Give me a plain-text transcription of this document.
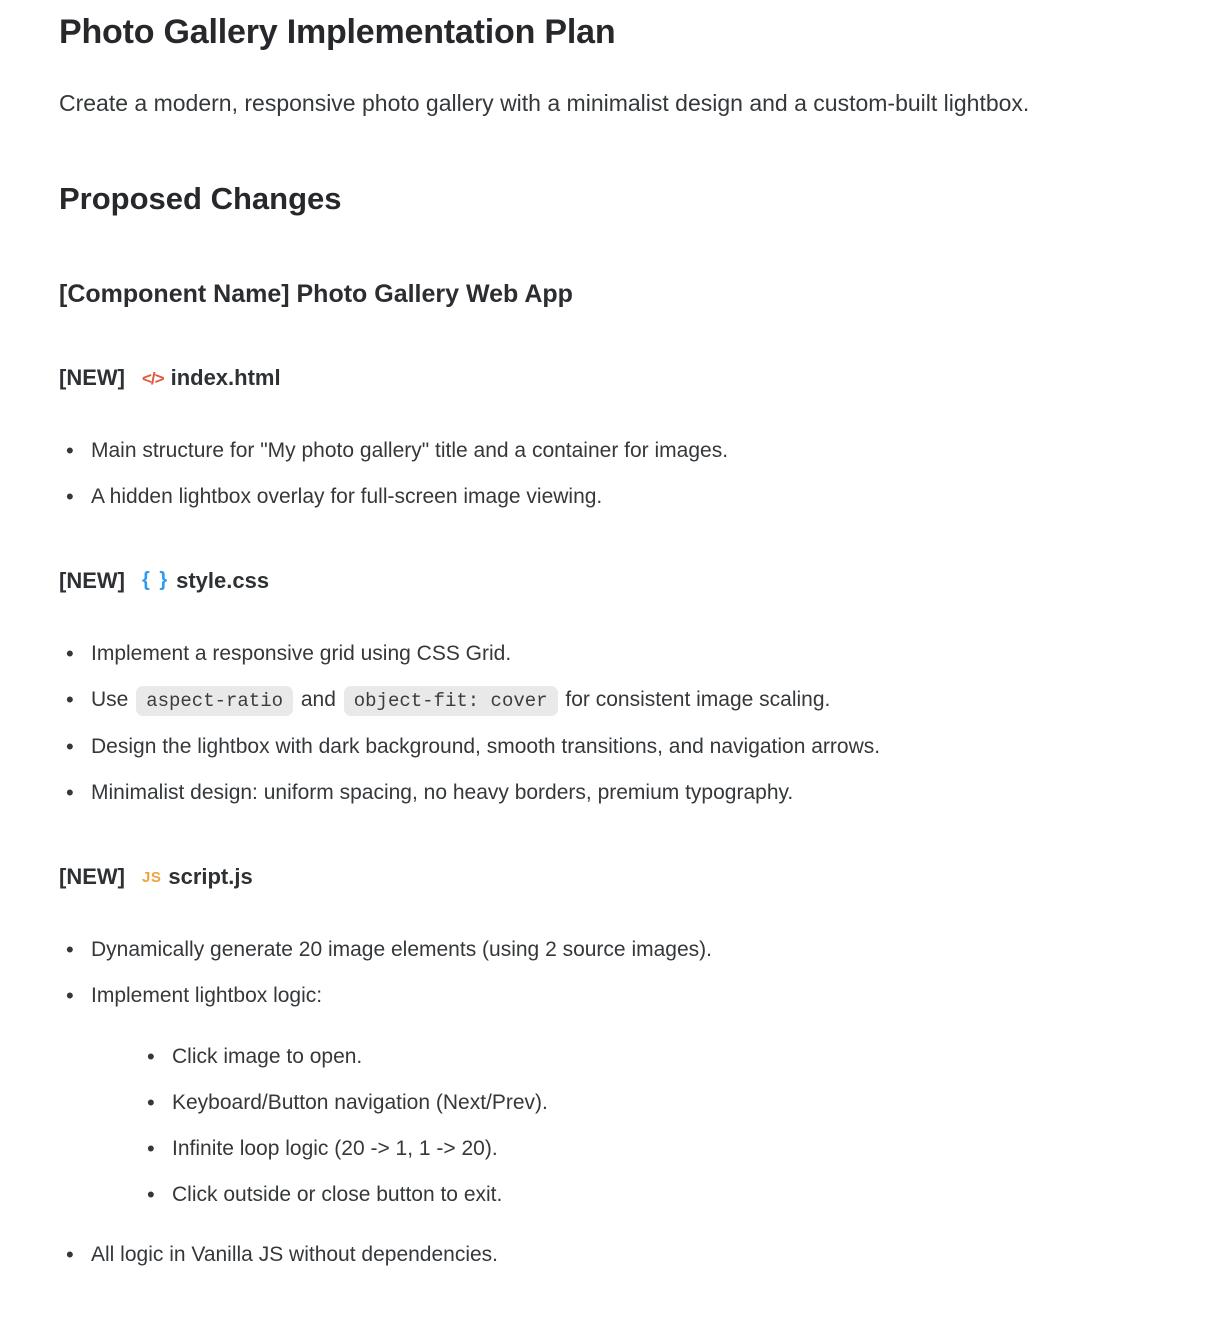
Photo Gallery Implementation Plan

Create a modern, responsive photo gallery with a minimalist design and a custom-built lightbox.

Proposed Changes
[Component Name] Photo Gallery Web App
[NEW] </> index.html
• Main structure for "My photo gallery" title and a container for images.
• A hidden lightbox overlay for full-screen image viewing.
[NEW] { } style.css
• Implement a responsive grid using CSS Grid.
• Use aspect-ratio and object-fit: cover for consistent image scaling.
• Design the lightbox with dark background, smooth transitions, and navigation arrows.
• Minimalist design: uniform spacing, no heavy borders, premium typography.
[NEW] JS script.js
• Dynamically generate 20 image elements (using 2 source images).
• Implement lightbox logic:
• Click image to open.
• Keyboard/Button navigation (Next/Prev).
• Infinite loop logic (20 -> 1, 1 -> 20).
• Click outside or close button to exit.
• All logic in Vanilla JS without dependencies.
